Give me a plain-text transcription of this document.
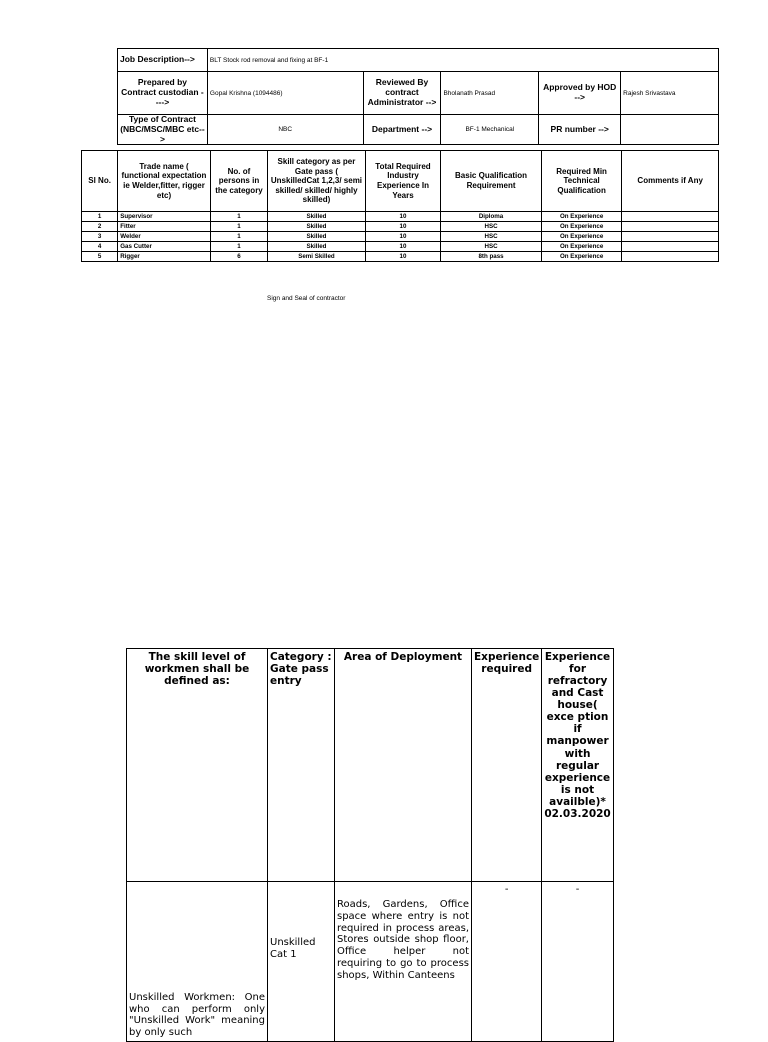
Job Description-->	BLT Stock rod removal and fixing at BF-1				
Prepared by Contract custodian ---->	Gopal Krishna (1094486)	Reviewed By contract Administrator -->	Bholanath Prasad	Approved by HOD -->	Rajesh Srivastava
Type of Contract (NBC/MSC/MBC etc-->	NBC	Department -->	BF-1 Mechanical	PR number -->	
Sl No.	Trade name ( functional expectation ie Welder,fitter, rigger etc)	No. of persons in the category	Skill category as per Gate pass ( UnskilledCat 1,2,3/ semi skilled/ skilled/ highly skilled)	Total Required Industry Experience In Years	Basic Qualification Requirement	Required Min Technical Qualification	Comments if Any
1	Supervisor	1	Skilled	10	Diploma	On Experience	
2	Fitter	1	Skilled	10	HSC	On Experience	
3	Welder	1	Skilled	10	HSC	On Experience	
4	Gas Cutter	1	Skilled	10	HSC	On Experience	
5	Rigger	6	Semi Skilled	10	8th pass	On Experience	
Sign and Seal of contractor
The skill level of workmen shall be defined as:	Category : Gate pass entry	Area of Deployment	Experience required	Experience for refractory and Cast house( exce ption if manpower with regular experience is not availble)* 02.03.2020
Unskilled Workmen: One who can perform only "Unskilled Work" meaning by only such	Unskilled Cat 1	Roads, Gardens, Office space where entry is not required in process areas, Stores outside shop floor, Office helper not requiring to go to process shops, Within Canteens	-	-
